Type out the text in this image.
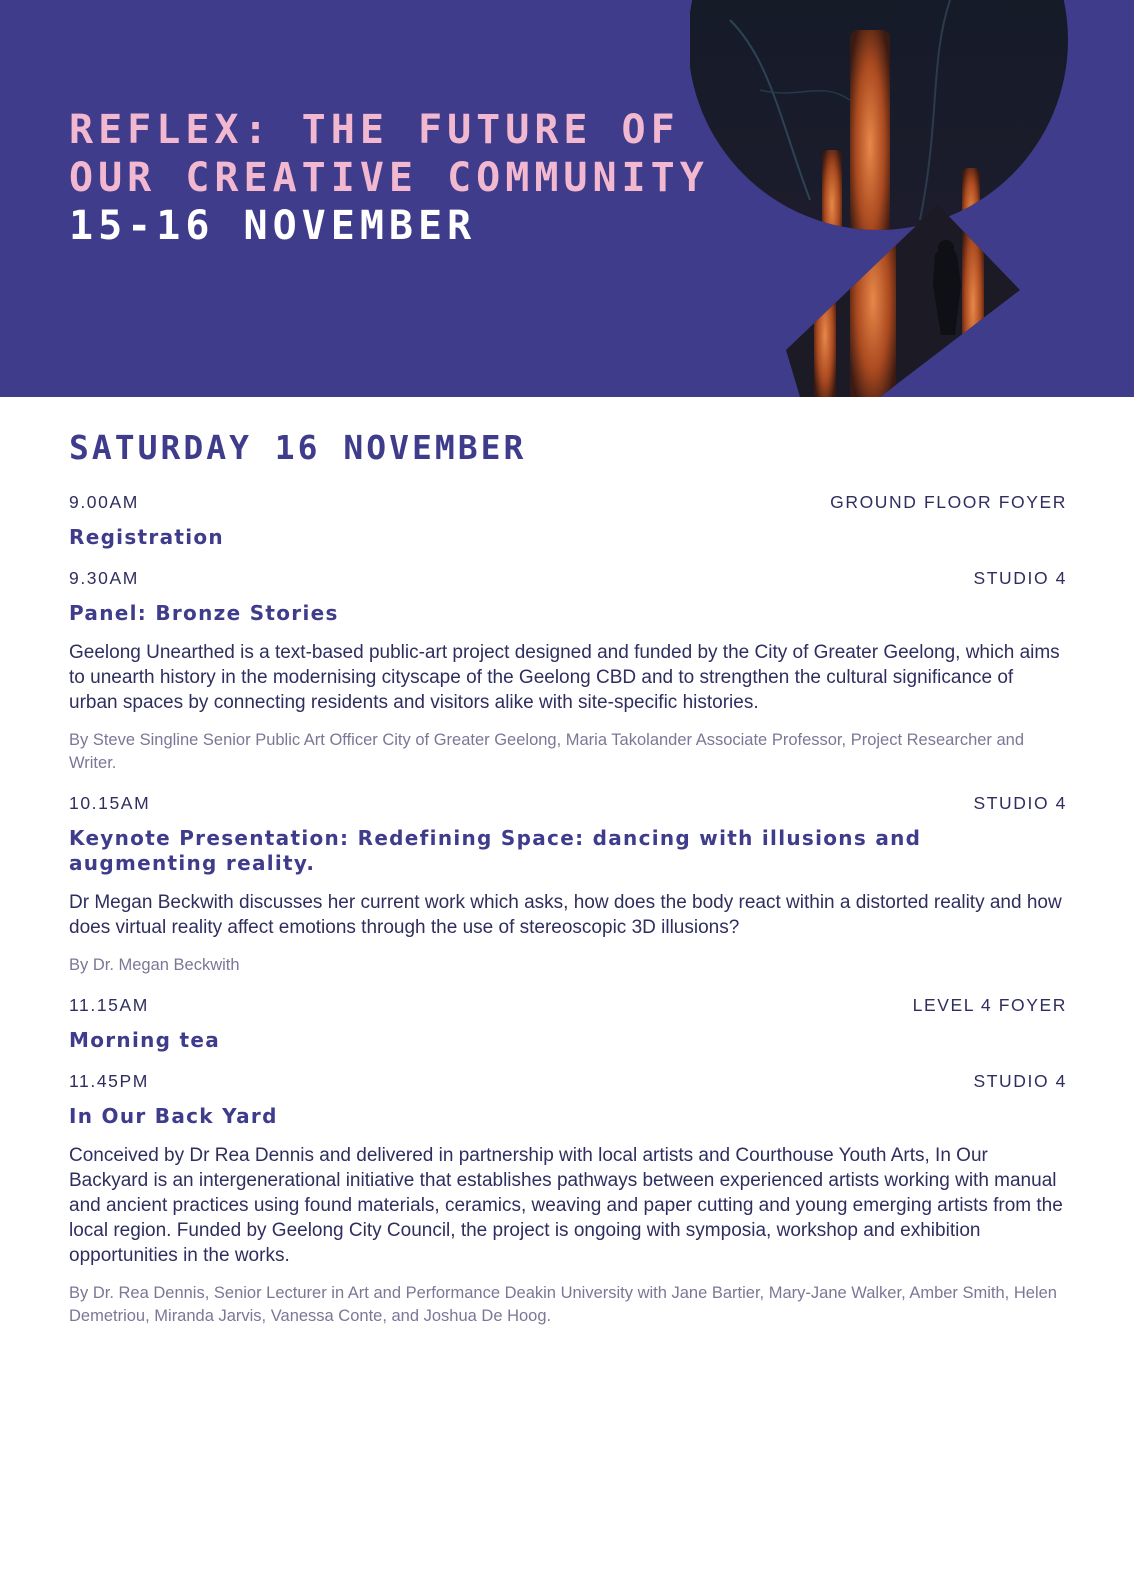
REFLEX: THE FUTURE OF
OUR CREATIVE COMMUNITY
15-16 NOVEMBER
SATURDAY 16 NOVEMBER
9.00AM	GROUND FLOOR FOYER
Registration
9.30AM	STUDIO 4
Panel: Bronze Stories

Geelong Unearthed is a text-based public-art project designed and funded by the City of Greater Geelong, which aims to unearth history in the modernising cityscape of the Geelong CBD and to strengthen the cultural significance of urban spaces by connecting residents and visitors alike with site-specific histories.

By Steve Singline Senior Public Art Officer City of Greater Geelong, Maria Takolander Associate Professor, Project Researcher and Writer.

10.15AM	STUDIO 4
Keynote Presentation: Redefining Space: dancing with illusions and augmenting reality.

Dr Megan Beckwith discusses her current work which asks, how does the body react within a distorted reality and how does virtual reality affect emotions through the use of stereoscopic 3D illusions?

By Dr. Megan Beckwith

11.15AM	LEVEL 4 FOYER
Morning tea
11.45PM	STUDIO 4
In Our Back Yard

Conceived by Dr Rea Dennis and delivered in partnership with local artists and Courthouse Youth Arts, In Our Backyard is an intergenerational initiative that establishes pathways between experienced artists working with manual and ancient practices using found materials, ceramics, weaving and paper cutting and young emerging artists from the local region. Funded by Geelong City Council, the project is ongoing with symposia, workshop and exhibition opportunities in the works.

By Dr. Rea Dennis, Senior Lecturer in Art and Performance Deakin University with Jane Bartier, Mary-Jane Walker, Amber Smith, Helen Demetriou, Miranda Jarvis, Vanessa Conte, and Joshua De Hoog.
